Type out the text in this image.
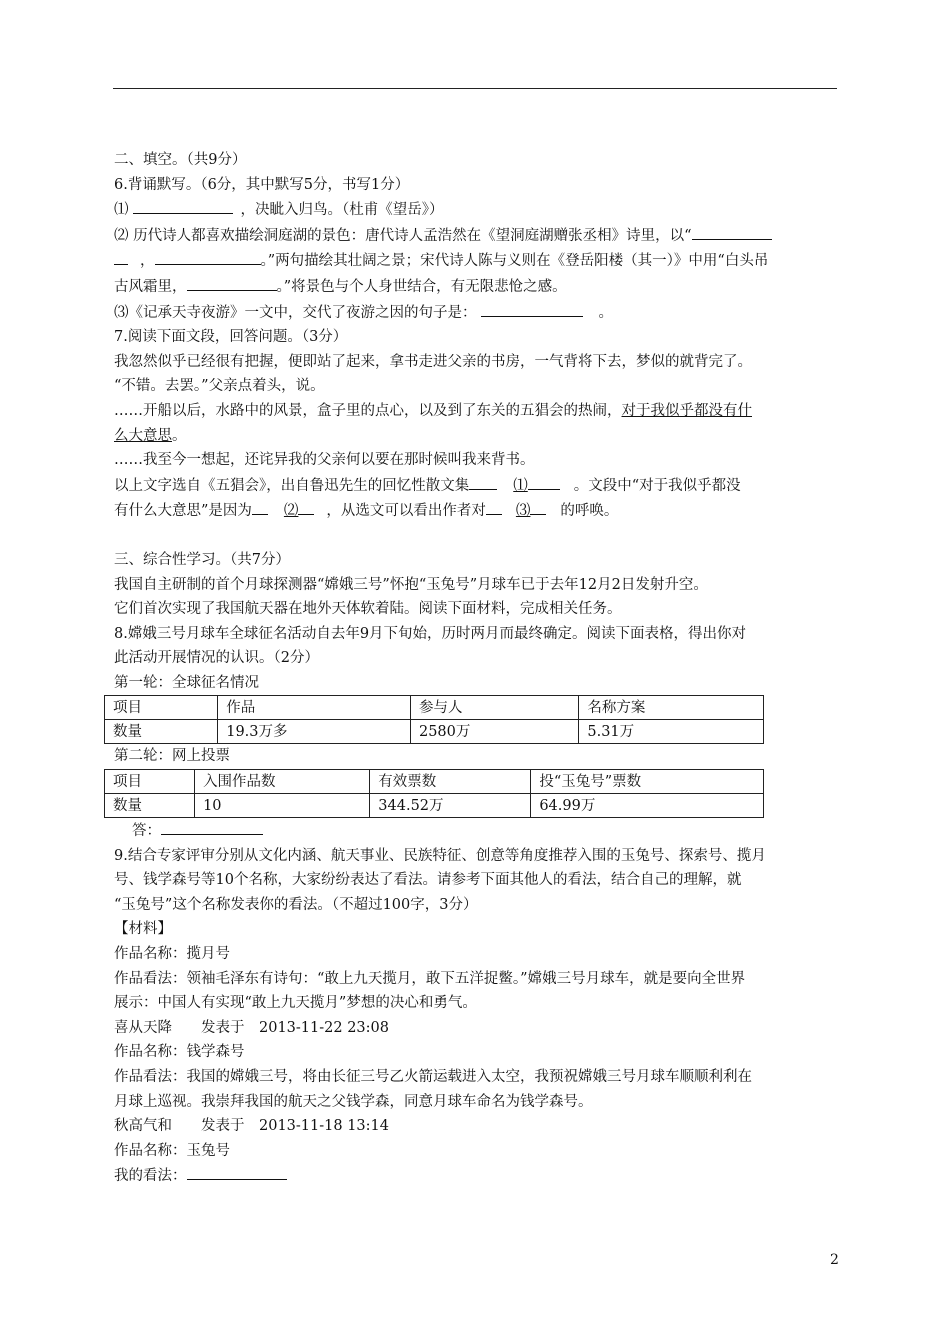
二、填空。（共9分）
6.背诵默写。（6分，其中默写5分，书写1分）
⑴	，决眦入归鸟。（杜甫《望岳》）
⑵ 历代诗人都喜欢描绘洞庭湖的景色：唐代诗人孟浩然在《望洞庭湖赠张丞相》诗里，以“
，	。”两句描绘其壮阔之景；宋代诗人陈与义则在《登岳阳楼（其一）》中用“白头吊
古风霜里，	。”将景色与个人身世结合，有无限悲怆之感。
⑶《记承天寺夜游》一文中，交代了夜游之因的句子是：	。
7.阅读下面文段，回答问题。（3分）
我忽然似乎已经很有把握，便即站了起来，拿书走进父亲的书房，一气背将下去，梦似的就背完了。
“不错。去罢。”父亲点着头，说。
……开船以后，水路中的风景，盒子里的点心，以及到了东关的五猖会的热闹，对于我似乎都没有什
么大意思。
……我至今一想起，还诧异我的父亲何以要在那时候叫我来背书。
以上文字选自《五猖会》，出自鲁迅先生的回忆性散文集	⑴	。文段中“对于我似乎都没
有什么大意思”是因为 ⑵ ，从选文可以看出作者对 ⑶ 的呼唤。
三、综合性学习。（共7分）
我国自主研制的首个月球探测器“嫦娥三号”怀抱“玉兔号”月球车已于去年12月2日发射升空。
它们首次实现了我国航天器在地外天体软着陆。阅读下面材料，完成相关任务。
8.嫦娥三号月球车全球征名活动自去年9月下旬始，历时两月而最终确定。阅读下面表格，得出你对
此活动开展情况的认识。（2分）
第一轮：全球征名情况
项目	作品	参与人	名称方案
数量	19.3万多	2580万	5.31万
第二轮：网上投票
项目	入围作品数	有效票数	投“玉兔号”票数
数量	10	344.52万	64.99万
答：
9.结合专家评审分别从文化内涵、航天事业、民族特征、创意等角度推荐入围的玉兔号、探索号、揽月
号、钱学森号等10个名称，大家纷纷表达了看法。请参考下面其他人的看法，结合自己的理解，就
“玉兔号”这个名称发表你的看法。（不超过100字，3分）
【材料】
作品名称：揽月号
作品看法：领袖毛泽东有诗句：“敢上九天揽月，敢下五洋捉鳖。”嫦娥三号月球车，就是要向全世界
展示：中国人有实现“敢上九天揽月”梦想的决心和勇气。
喜从天降　　发表于　2013-11-22 23:08
作品名称：钱学森号
作品看法：我国的嫦娥三号，将由长征三号乙火箭运载进入太空，我预祝嫦娥三号月球车顺顺利利在
月球上巡视。我崇拜我国的航天之父钱学森，同意月球车命名为钱学森号。
秋高气和　　发表于　2013-11-18 13:14
作品名称：玉兔号
我的看法：
2
